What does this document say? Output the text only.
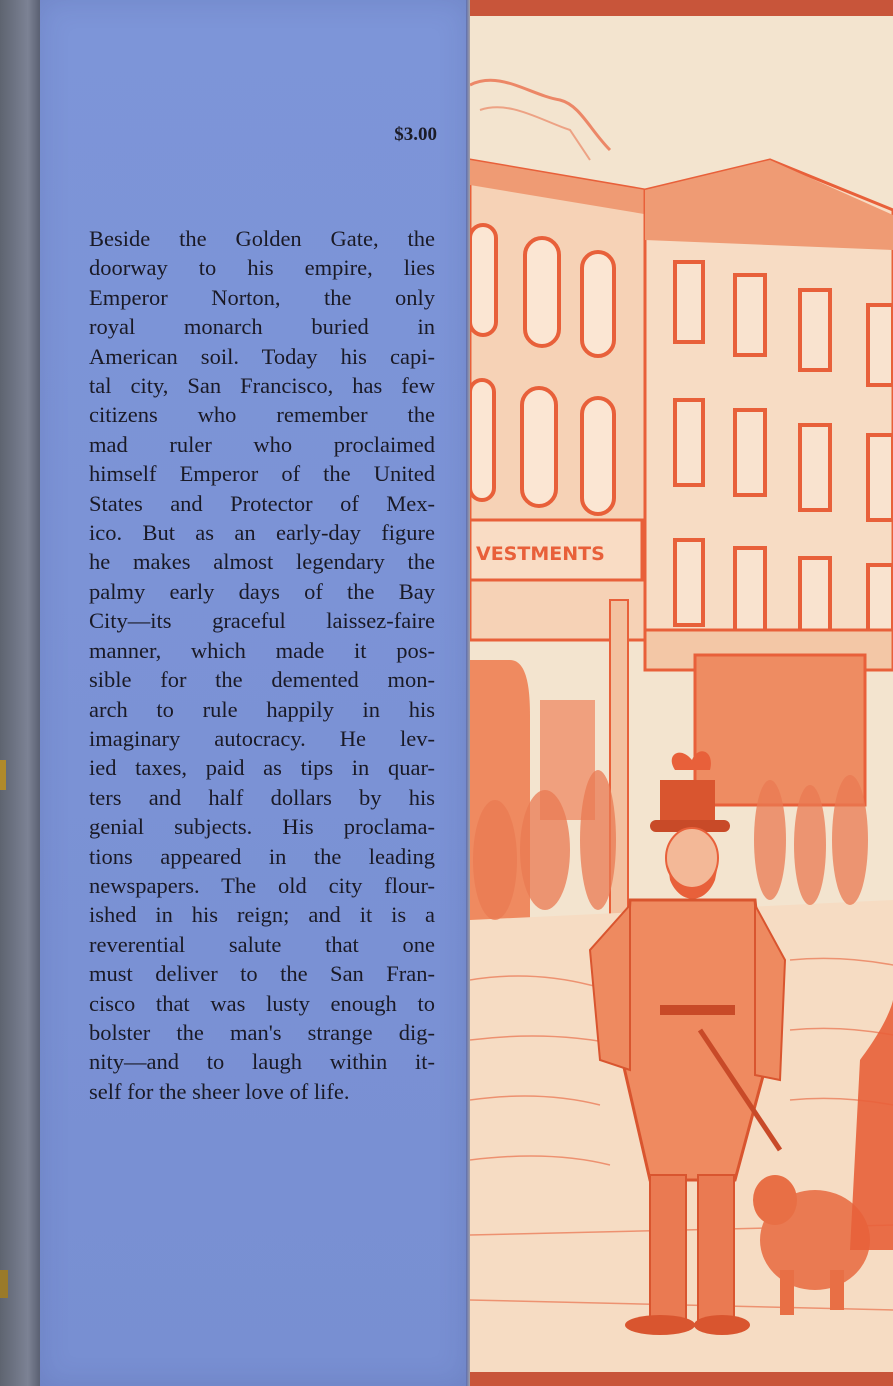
$3.00
Beside the Golden Gate, the
doorway to his empire, lies
Emperor Norton, the only
royal monarch buried in
American soil. Today his capi-
tal city, San Francisco, has few
citizens who remember the
mad ruler who proclaimed
himself Emperor of the United
States and Protector of Mex-
ico. But as an early-day figure
he makes almost legendary the
palmy early days of the Bay
City—its graceful laissez-faire
manner, which made it pos-
sible for the demented mon-
arch to rule happily in his
imaginary autocracy. He lev-
ied taxes, paid as tips in quar-
ters and half dollars by his
genial subjects. His proclama-
tions appeared in the leading
newspapers. The old city flour-
ished in his reign; and it is a
reverential salute that one
must deliver to the San Fran-
cisco that was lusty enough to
bolster the man's strange dig-
nity—and to laugh within it-
self for the sheer love of life.
VESTMENTS
